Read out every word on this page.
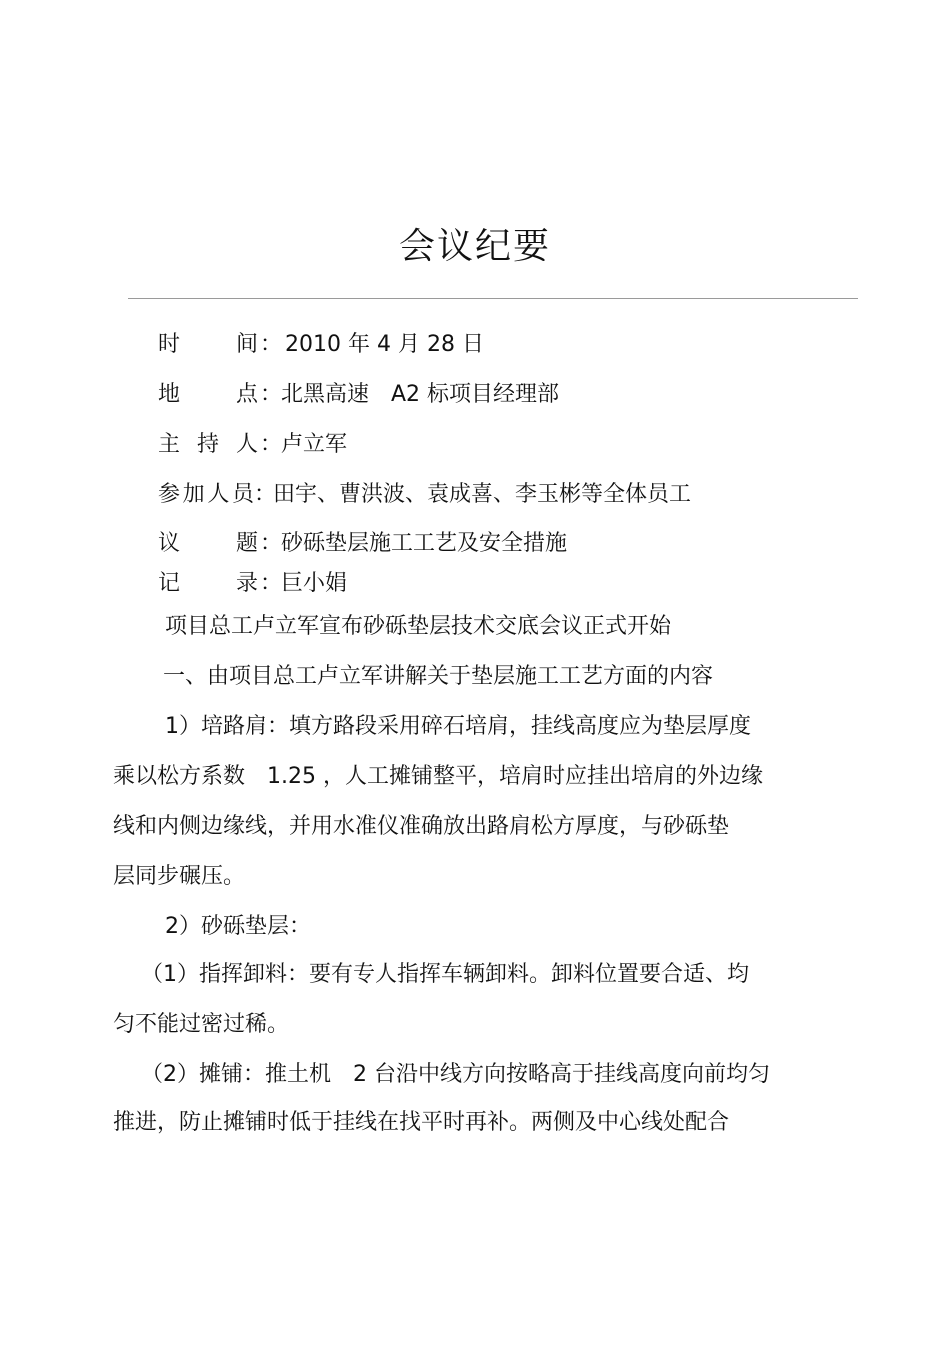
会议纪要
时间 ： 2010 年 4 月 28 日
地点 ：
北黑高速　A2 标项目经理部
主持人 ：
卢立军
参加人员 ：
田宇、曹洪波、袁成喜、李玉彬等全体员工
议题 ：
砂砾垫层施工工艺及安全措施
记录 ：
巨小娟
项目总工卢立军宣布砂砾垫层技术交底会议正式开始
一、由项目总工卢立军讲解关于垫层施工工艺方面的内容
1）培路肩：填方路段采用碎石培肩，挂线高度应为垫层厚度
乘以松方系数　1.25 ，人工摊铺整平，培肩时应挂出培肩的外边缘
线和内侧边缘线，并用水准仪准确放出路肩松方厚度，与砂砾垫
层同步碾压。
2）砂砾垫层：
（1）指挥卸料：要有专人指挥车辆卸料。卸料位置要合适、均
匀不能过密过稀。
（2）摊铺：推土机　2 台沿中线方向按略高于挂线高度向前均匀
推进，防止摊铺时低于挂线在找平时再补。两侧及中心线处配合
